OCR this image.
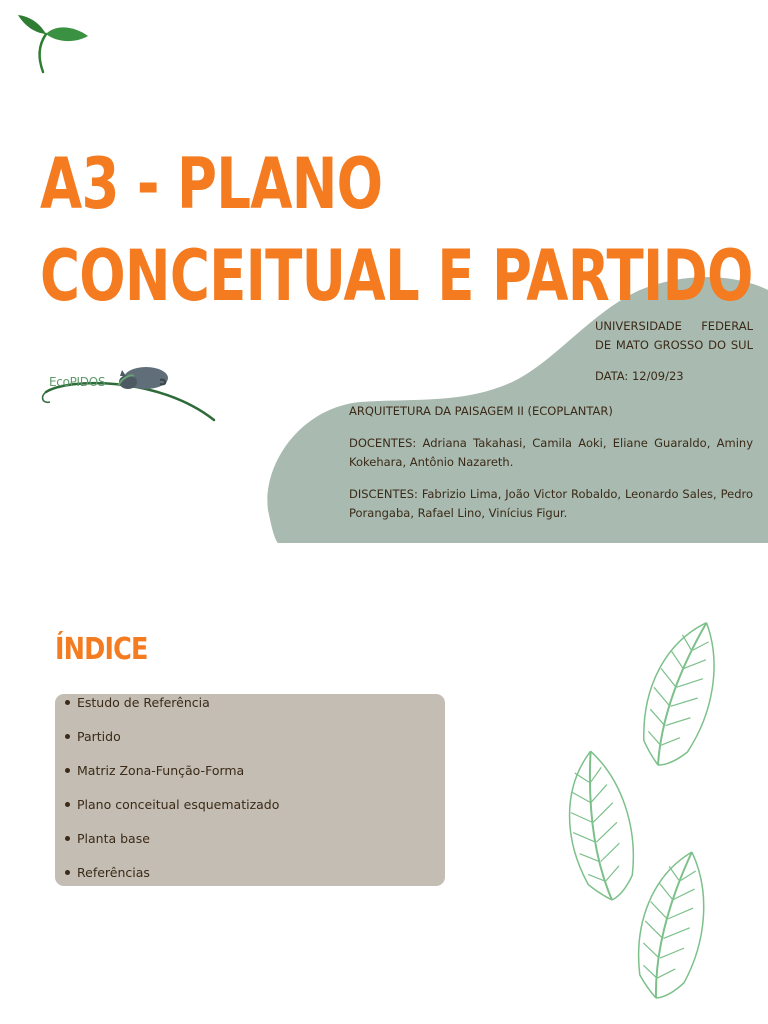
A3 - PLANO CONCEITUAL E PARTIDO
UNIVERSIDADE FEDERAL DE MATO GROSSO DO SUL
DATA: 12/09/23
ARQUITETURA DA PAISAGEM II (ECOPLANTAR)
DOCENTES: Adriana Takahasi, Camila Aoki, Eliane Guaraldo, Aminy Kokehara, Antônio Nazareth.
DISCENTES: Fabrizio Lima, João Victor Robaldo, Leonardo Sales, Pedro Porangaba, Rafael Lino, Vinícius Figur.
EcoPIDOS
ÍNDICE
Estudo de Referência
Partido
Matriz Zona-Função-Forma
Plano conceitual esquematizado
Planta base
Referências
